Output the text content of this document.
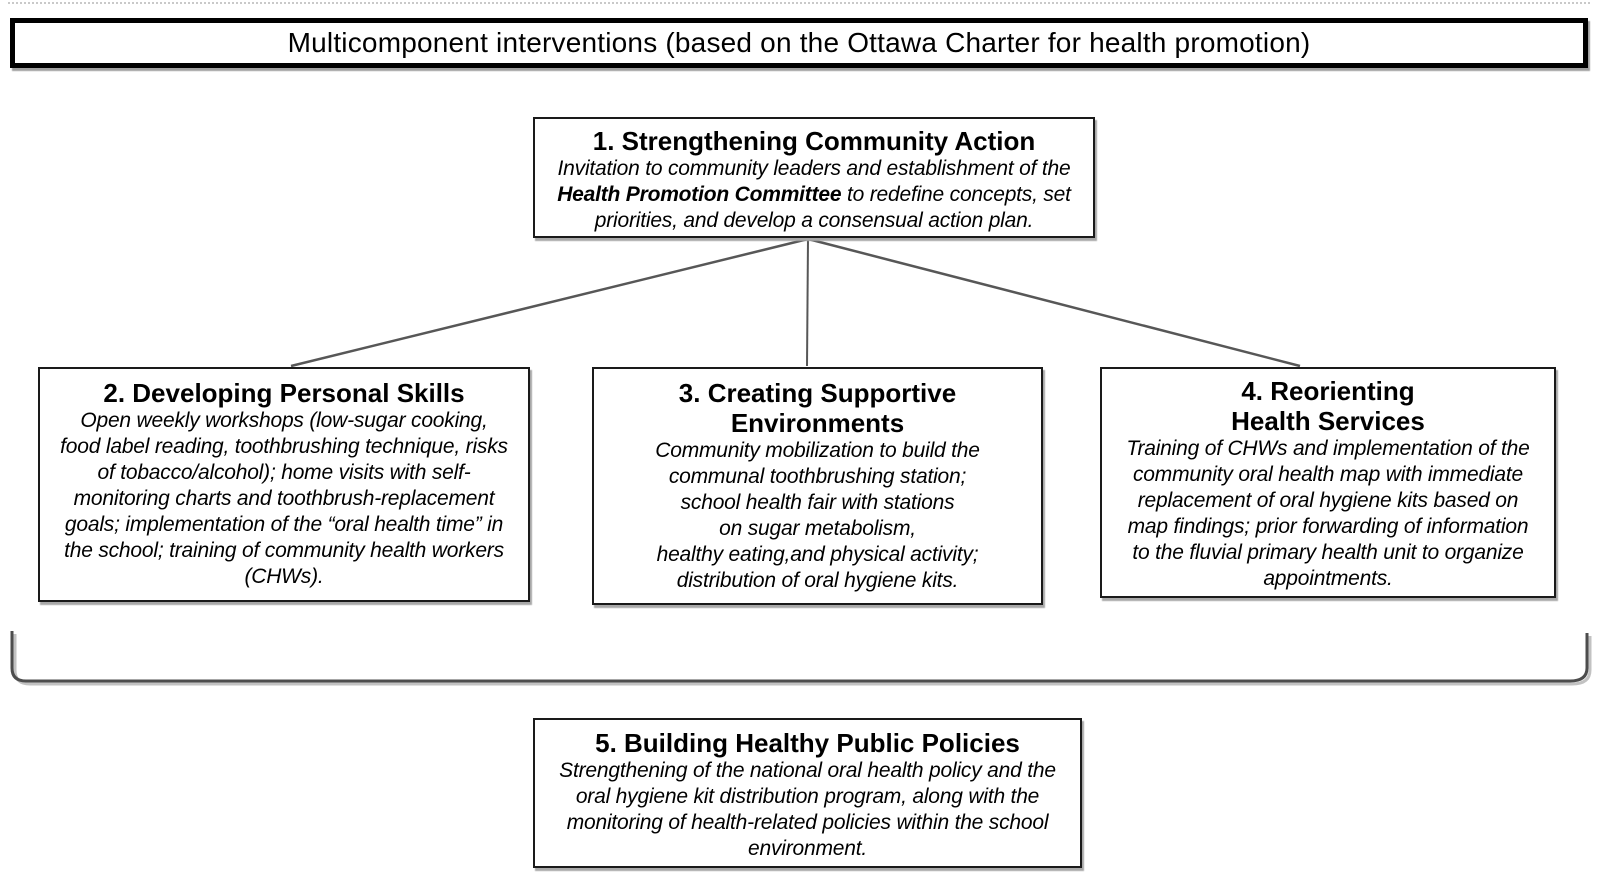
Multicomponent interventions (based on the Ottawa Charter for health promotion)
1. Strengthening Community Action
Invitation to community leaders and establishment of the
Health Promotion Committee to redefine concepts, set
priorities, and develop a consensual action plan.
2. Developing Personal Skills
Open weekly workshops (low-sugar cooking,
food label reading, toothbrushing technique, risks
of tobacco/alcohol); home visits with self-
monitoring charts and toothbrush-replacement
goals; implementation of the “oral health time” in
the school; training of community health workers
(CHWs).
3. Creating Supportive
Environments
Community mobilization to build the
communal toothbrushing station;
school health fair with stations
on sugar metabolism,
healthy eating,and physical activity;
distribution of oral hygiene kits.
4. Reorienting
Health Services
Training of CHWs and implementation of the
community oral health map with immediate
replacement of oral hygiene kits based on
map findings; prior forwarding of information
to the fluvial primary health unit to organize
appointments.
5. Building Healthy Public Policies
Strengthening of the national oral health policy and the
oral hygiene kit distribution program, along with the
monitoring of health-related policies within the school
environment.
